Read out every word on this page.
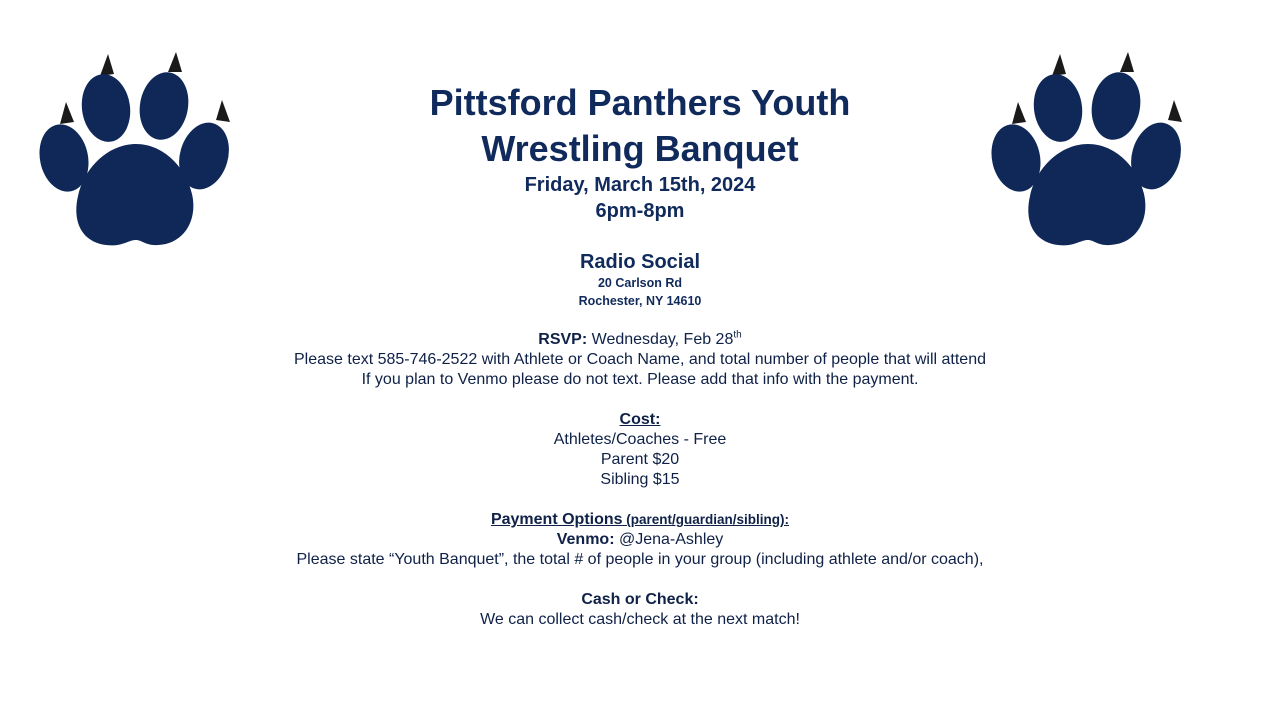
Pittsford Panthers Youth
Wrestling Banquet
Friday, March 15th, 2024
6pm-8pm
Radio Social
20 Carlson Rd
Rochester, NY 14610
RSVP: Wednesday, Feb 28th
Please text 585-746-2522 with Athlete or Coach Name, and total number of people that will attend
If you plan to Venmo please do not text. Please add that info with the payment.
Cost:
Athletes/Coaches - Free
Parent $20
Sibling $15
Payment Options (parent/guardian/sibling):
Venmo: @Jena-Ashley
Please state “Youth Banquet”, the total # of people in your group (including athlete and/or coach),
Cash or Check:
We can collect cash/check at the next match!
